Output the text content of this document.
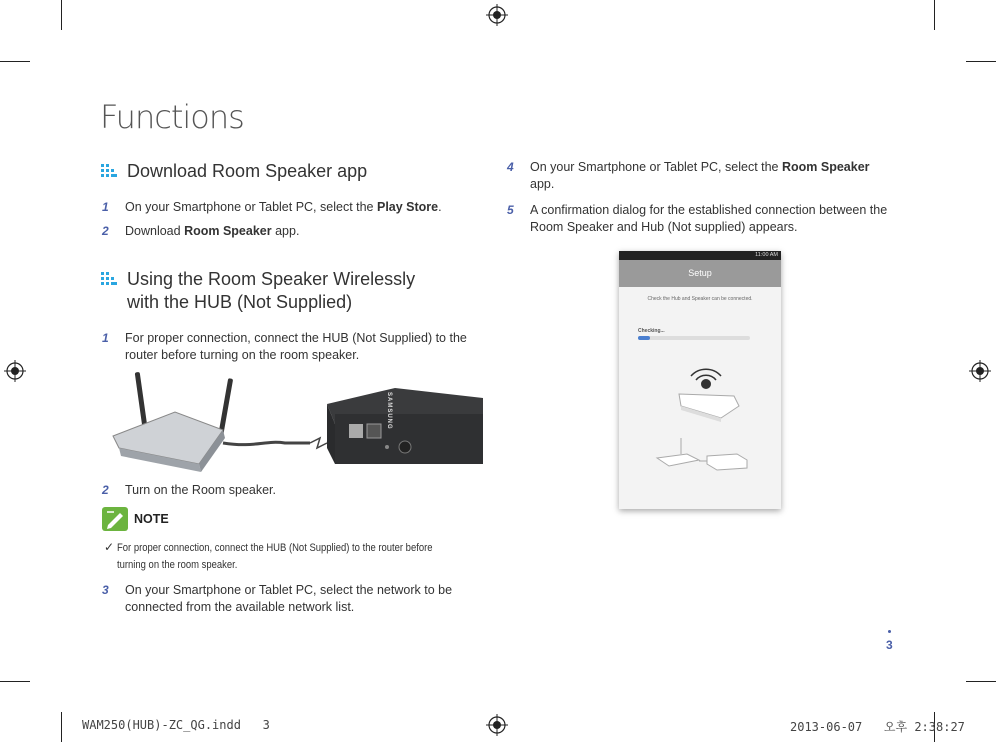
Functions
Download Room Speaker app
1 On your Smartphone or Tablet PC, select the Play Store.
2 Download Room Speaker app.
Using the Room Speaker Wirelessly
with the HUB (Not Supplied)
1 For proper connection, connect the HUB (Not Supplied) to the
router before turning on the room speaker.
SAMSUNG
2 Turn on the Room speaker.
NOTE
✓ For proper connection, connect the HUB (Not Supplied) to the router before
turning on the room speaker.
3 On your Smartphone or Tablet PC, select the network to be
connected from the available network list.
4 On your Smartphone or Tablet PC, select the Room Speaker
app.
5 A confirmation dialog for the established connection between the
Room Speaker and Hub (Not supplied) appears.
11:00 AM
Setup
Check the Hub and Speaker can be connected.
Checking...
3
WAM250(HUB)-ZC_QG.indd   3	2013-06-07   오후 2:38:27
